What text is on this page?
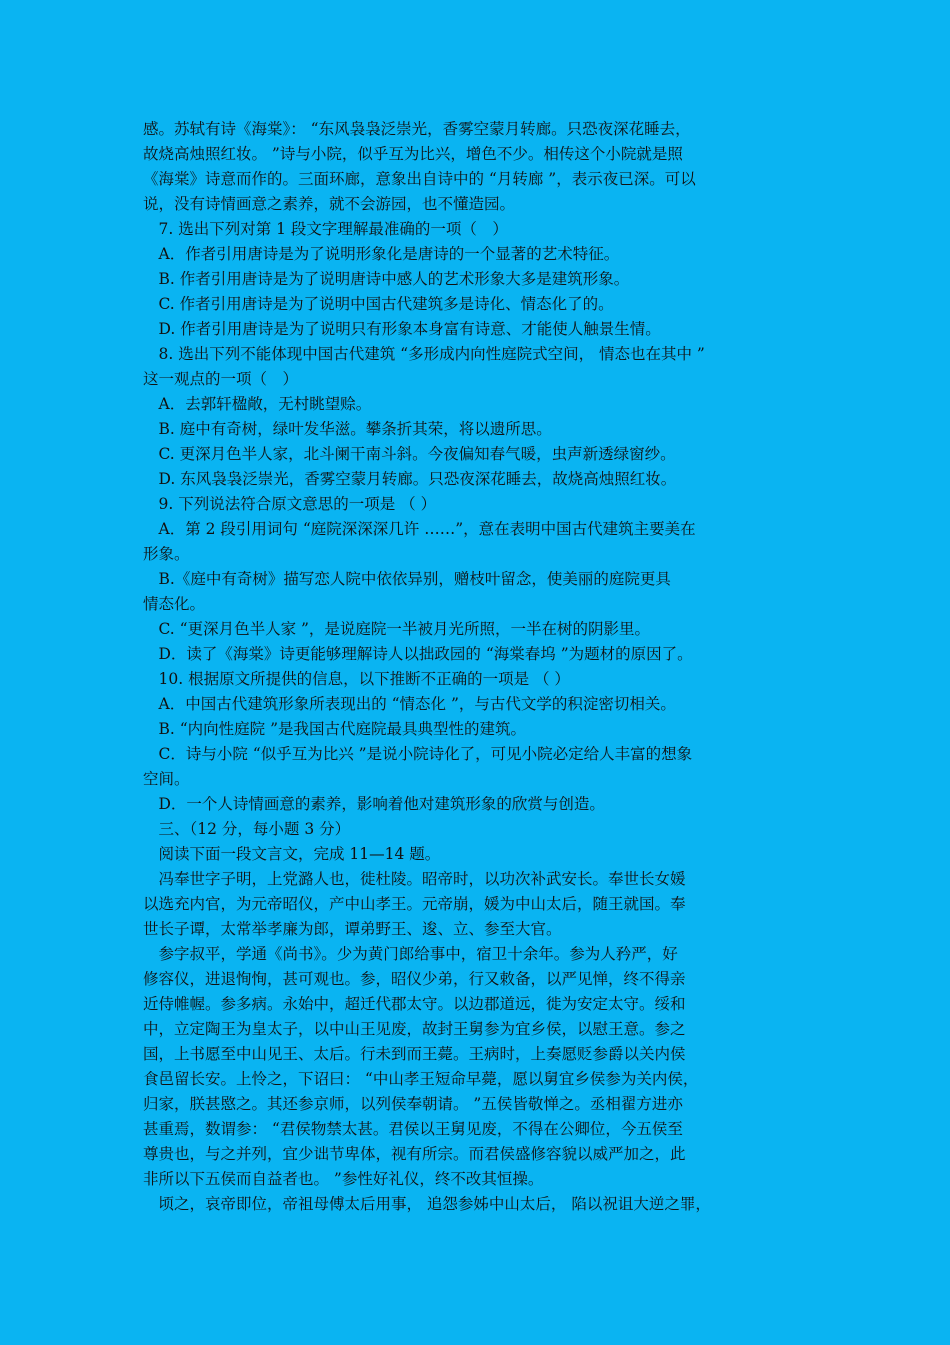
感。苏轼有诗《海棠》： “东风袅袅泛崇光，香雾空蒙月转廊。只恐夜深花睡去，
故烧高烛照红妆。 ”诗与小院，似乎互为比兴，增色不少。相传这个小院就是照
《海棠》诗意而作的。三面环廊，意象出自诗中的 “月转廊 ”，表示夜已深。可以
说，没有诗情画意之素养，就不会游园，也不懂造园。
　7. 选出下列对第 1 段文字理解最准确的一项（　）
　A．作者引用唐诗是为了说明形象化是唐诗的一个显著的艺术特征。
　B. 作者引用唐诗是为了说明唐诗中感人的艺术形象大多是建筑形象。
　C. 作者引用唐诗是为了说明中国古代建筑多是诗化、情态化了的。
　D. 作者引用唐诗是为了说明只有形象本身富有诗意、才能使人触景生情。
　8. 选出下列不能体现中国古代建筑 “多形成内向性庭院式空间， 情态也在其中 ”
这一观点的一项（　）
　A．去郭轩楹敞，无村眺望赊。
　B. 庭中有奇树，绿叶发华滋。攀条折其荣，将以遗所思。
　C. 更深月色半人家，北斗阑干南斗斜。今夜偏知春气暖，虫声新透绿窗纱。
　D. 东风袅袅泛崇光，香雾空蒙月转廊。只恐夜深花睡去，故烧高烛照红妆。
　9. 下列说法符合原文意思的一项是 （ ）
　A．第 2 段引用词句 “庭院深深深几许 ……”，意在表明中国古代建筑主要美在
形象。
　B.《庭中有奇树》描写恋人院中依依异别，赠枝叶留念，使美丽的庭院更具
情态化。
　C. “更深月色半人家 ”，是说庭院一半被月光所照，一半在树的阴影里。
　D．读了《海棠》诗更能够理解诗人以拙政园的 “海棠春坞 ”为题材的原因了。
　10. 根据原文所提供的信息，以下推断不正确的一项是 （ ）
　A．中国古代建筑形象所表现出的 “情态化 ”，与古代文学的积淀密切相关。
　B. “内向性庭院 ”是我国古代庭院最具典型性的建筑。
　C．诗与小院 “似乎互为比兴 ”是说小院诗化了，可见小院必定给人丰富的想象
空间。
　D．一个人诗情画意的素养，影响着他对建筑形象的欣赏与创造。
　三、（12 分，每小题 3 分）
　阅读下面一段文言文，完成 11—14 题。
　冯奉世字子明，上党潞人也，徙杜陵。昭帝时，以功次补武安长。奉世长女媛
以选充内官，为元帝昭仪，产中山孝王。元帝崩，媛为中山太后，随王就国。奉
世长子谭，太常举孝廉为郎，谭弟野王、逡、立、参至大官。
　参字叔平，学通《尚书》。少为黄门郎给事中，宿卫十余年。参为人矜严，好
修容仪，进退恂恂，甚可观也。参，昭仪少弟，行又敕备，以严见惮，终不得亲
近侍帷幄。参多病。永始中，超迁代郡太守。以边郡道远，徙为安定太守。绥和
中，立定陶王为皇太子，以中山王见废，故封王舅参为宜乡侯，以慰王意。参之
国，上书愿至中山见王、太后。行未到而王薨。王病时，上奏愿贬参爵以关内侯
食邑留长安。上怜之，下诏曰： “中山孝王短命早薨，愿以舅宜乡侯参为关内侯，
归家，朕甚愍之。其还参京师，以列侯奉朝请。 ”五侯皆敬惮之。丞相翟方进亦
甚重焉，数谓参： “君侯物禁太甚。君侯以王舅见废，不得在公卿位，今五侯至
尊贵也，与之并列，宜少诎节卑体，视有所宗。而君侯盛修容貌以威严加之，此
非所以下五侯而自益者也。 ”参性好礼仪，终不改其恒操。
　顷之，哀帝即位，帝祖母傅太后用事， 追怨参姊中山太后， 陷以祝诅大逆之罪，
